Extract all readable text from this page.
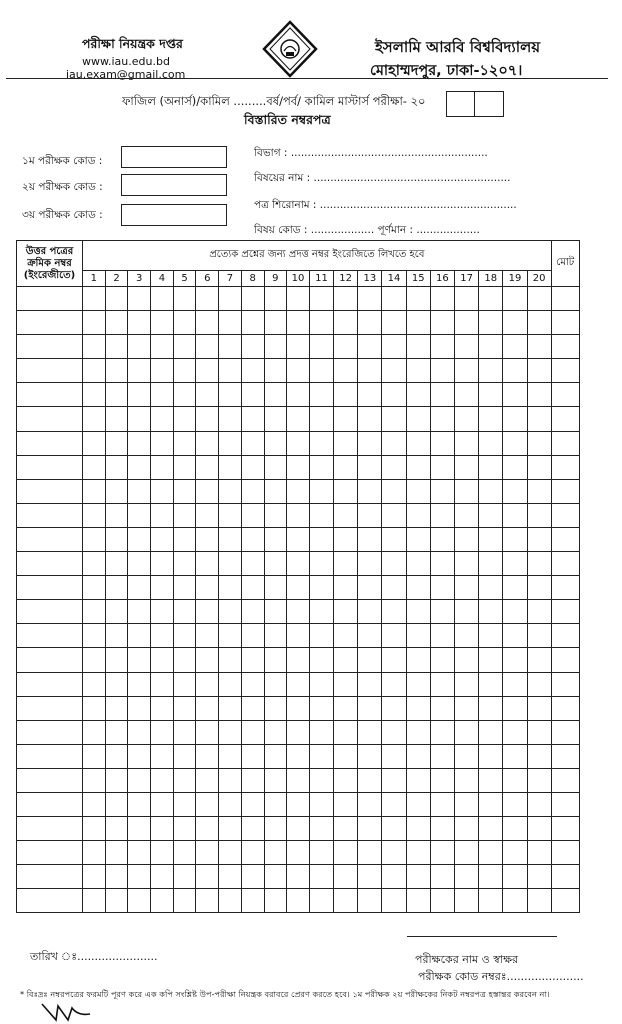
পরীক্ষা নিয়ন্ত্রক দপ্তর
www.iau.edu.bd
iau.exam@gmail.com
ইসলামি আরবি বিশ্ববিদ্যালয়
মোহাম্মদপুর, ঢাকা-১২০৭।
ফাজিল (অনার্স)/কামিল .........বর্ষ/পর্ব/ কামিল মাস্টার্স পরীক্ষা- ২০
বিস্তারিত নম্বরপত্র
১ম পরীক্ষক কোড :
২য় পরীক্ষক কোড :
৩য় পরীক্ষক কোড :
বিভাগ : ...........................................................
বিষয়ের নাম : ...........................................................
পত্র শিরোনাম : ...........................................................
বিষয় কোড : ................... পূর্ণমান : ...................
উত্তর পত্রের
ক্রমিক নম্বর
(ইংরেজীতে)	প্রত্যেক প্রশ্নের জন্য প্রদত্ত নম্বর ইংরেজিতে লিখতে হবে																				মোট
	1	2	3	4	5	6	7	8	9	10	11	12	13	14	15	16	17	18	19	20	

তারিখ ঃ.......................	পরীক্ষকের নাম ও স্বাক্ষর
পরীক্ষক কোড নম্বরঃ......................
* বিঃদ্রঃ নম্বরপত্রের ফরমটি পূরণ করে এক কপি সংশ্লিষ্ট উপ-পরীক্ষা নিয়ন্ত্রক বরাবরে প্রেরণ করতে হবে। ১ম পরীক্ষক ২য় পরীক্ষকের নিকট নম্বরপত্র হস্তান্তর করবেন না।
